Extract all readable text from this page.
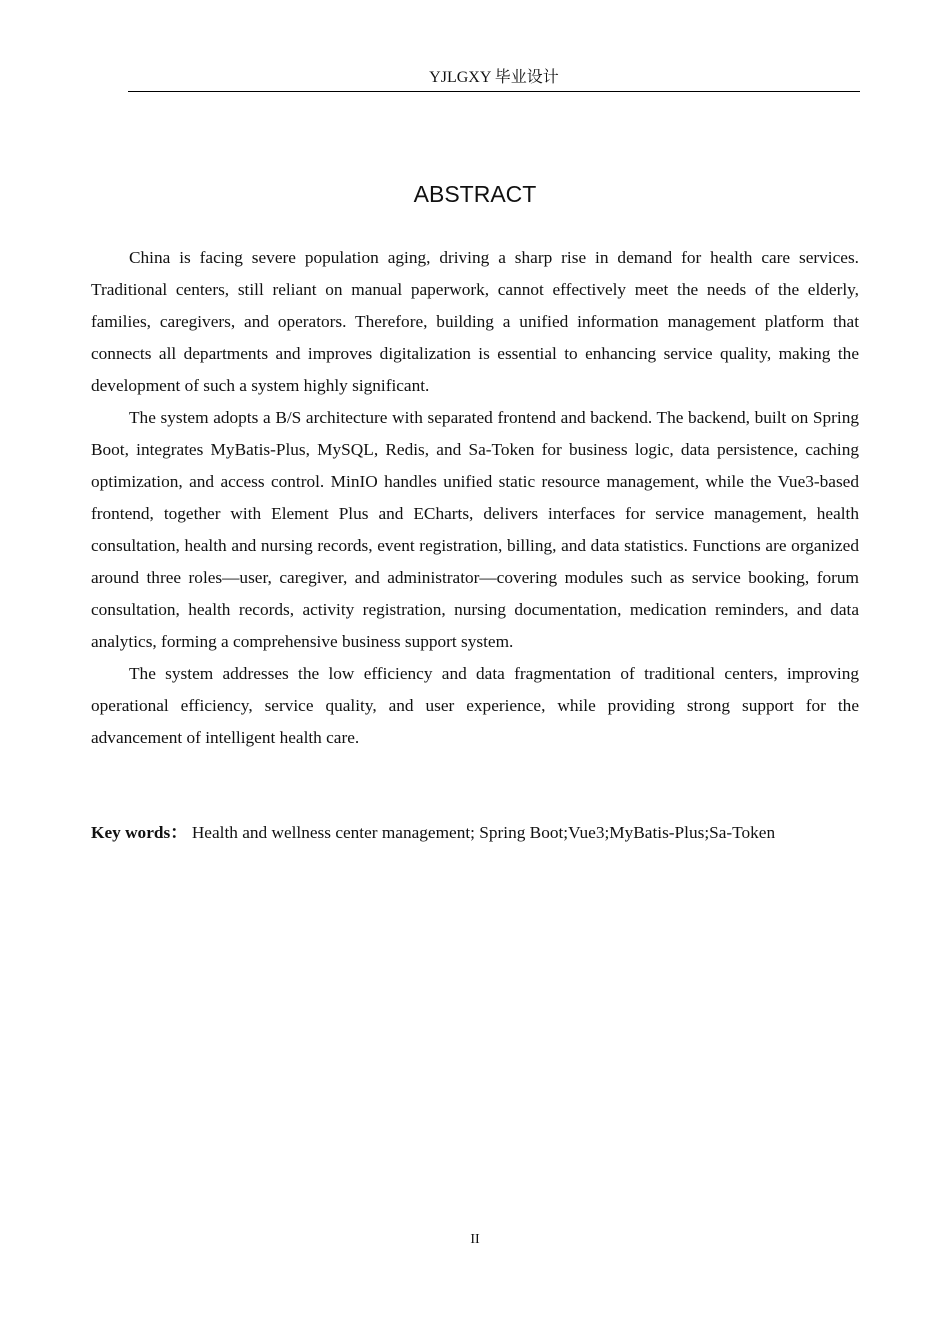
YJLGXY 毕业设计
ABSTRACT

China is facing severe population aging, driving a sharp rise in demand for health care services. Traditional centers, still reliant on manual paperwork, cannot effectively meet the needs of the elderly, families, caregivers, and operators. Therefore, building a unified information management platform that connects all departments and improves digitalization is essential to enhancing service quality, making the development of such a system highly significant.

The system adopts a B/S architecture with separated frontend and backend. The backend, built on Spring Boot, integrates MyBatis-Plus, MySQL, Redis, and Sa-Token for business logic, data persistence, caching optimization, and access control. MinIO handles unified static resource management, while the Vue3-based frontend, together with Element Plus and ECharts, delivers interfaces for service management, health consultation, health and nursing records, event registration, billing, and data statistics. Functions are organized around three roles—user, caregiver, and administrator—covering modules such as service booking, forum consultation, health records, activity registration, nursing documentation, medication reminders, and data analytics, forming a comprehensive business support system.

The system addresses the low efficiency and data fragmentation of traditional centers, improving operational efficiency, service quality, and user experience, while providing strong support for the advancement of intelligent health care.

Key words： Health and wellness center management; Spring Boot;Vue3;MyBatis-Plus;Sa-Token
II
